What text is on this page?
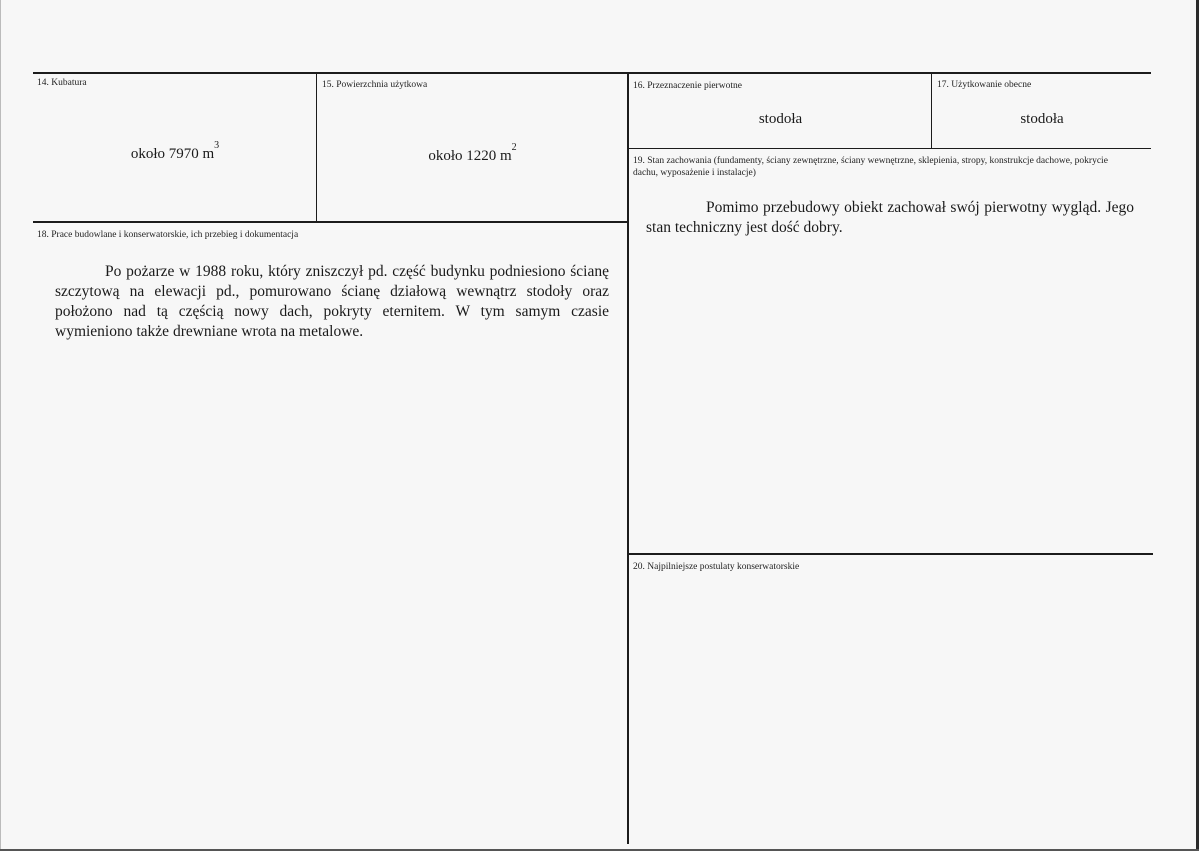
14. Kubatura
około 7970 $m^3$
15. Powierzchnia użytkowa
około 1220 $m^2$
16. Przeznaczenie pierwotne
stodoła
17. Użytkowanie obecne
stodoła
19. Stan zachowania (fundamenty, ściany zewnętrzne, ściany wewnętrzne, sklepienia, stropy, konstrukcje dachowe, pokrycie dachu, wyposażenie i instalacje)
Pomimo przebudowy obiekt zachował swój pierwotny wygląd. Jego stan techniczny jest dość dobry.
18. Prace budowlane i konserwatorskie, ich przebieg i dokumentacja
Po pożarze w 1988 roku, który zniszczył pd. część budynku podniesiono ścianę szczytową na elewacji pd., pomurowano ścianę działową wewnątrz stodoły oraz położono nad tą częścią nowy dach, pokryty eternitem. W tym samym czasie wymieniono także drewniane wrota na metalowe.
20. Najpilniejsze postulaty konserwatorskie
